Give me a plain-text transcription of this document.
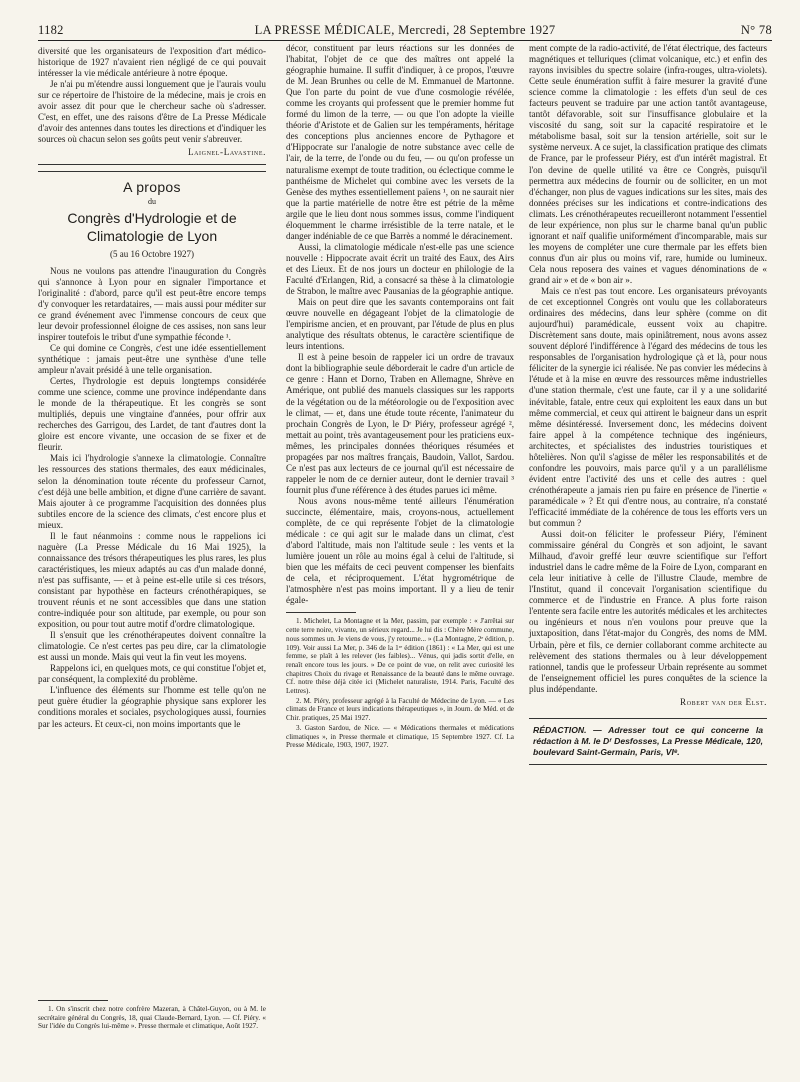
1182	LA PRESSE MÉDICALE, Mercredi, 28 Septembre 1927	N° 78

diversité que les organisateurs de l'exposition d'art médico-historique de 1927 n'avaient rien négligé de ce qui pouvait intéresser la vie médicale antérieure à notre époque.

Je n'ai pu m'étendre aussi longuement que je l'aurais voulu sur ce répertoire de l'histoire de la médecine, mais je crois en avoir assez dit pour que le chercheur sache où s'adresser. C'est, en effet, une des raisons d'être de La Presse Médicale d'avoir des antennes dans toutes les directions et d'indiquer les sources où chacun selon ses goûts peut venir s'abreuver.

Laignel-Lavastine.

A propos
du
Congrès d'Hydrologie et de Climatologie de Lyon
(5 au 16 Octobre 1927)

Nous ne voulons pas attendre l'inauguration du Congrès qui s'annonce à Lyon pour en signaler l'importance et l'originalité : d'abord, parce qu'il est peut-être encore temps d'y convoquer les retardataires, — mais aussi pour méditer sur ce grand événement avec l'immense concours de ceux que leur devoir professionnel éloigne de ces assises, non sans leur inspirer toutefois le tribut d'une sympathie féconde ¹.

Ce qui domine ce Congrès, c'est une idée essentiellement synthétique : jamais peut-être une synthèse d'une telle ampleur n'avait présidé à une telle organisation.

Certes, l'hydrologie est depuis longtemps considérée comme une science, comme une province indépendante dans le monde de la thérapeutique. Et les congrès se sont multipliés, depuis une vingtaine d'années, pour offrir aux recherches des Garrigou, des Lardet, de tant d'autres dont la gloire est encore vivante, une occasion de se fixer et de fleurir.

Mais ici l'hydrologie s'annexe la climatologie. Connaître les ressources des stations thermales, des eaux médicinales, selon la dénomination toute récente du professeur Carnot, c'est déjà une belle ambition, et digne d'une carrière de savant. Mais ajouter à ce programme l'acquisition des données plus subtiles encore de la science des climats, c'est encore plus et mieux.

Il le faut néanmoins : comme nous le rappelions ici naguère (La Presse Médicale du 16 Mai 1925), la connaissance des trésors thérapeutiques les plus rares, les plus caractéristiques, les mieux adaptés au cas d'un malade donné, n'est pas suffisante, — et à peine est-elle utile si ces trésors, consistant par hypothèse en facteurs crénothérapiques, se trouvent réunis et ne sont accessibles que dans une station contre-indiquée pour son altitude, par exemple, ou pour son exposition, ou pour tout autre motif d'ordre climatologique.

Il s'ensuit que les crénothérapeutes doivent connaître la climatologie. Ce n'est certes pas peu dire, car la climatologie est aussi un monde. Mais qui veut la fin veut les moyens.

Rappelons ici, en quelques mots, ce qui constitue l'objet et, par conséquent, la complexité du problème.

L'influence des éléments sur l'homme est telle qu'on ne peut guère étudier la géographie physique sans explorer les conditions morales et sociales, psychologiques aussi, fournies par les acteurs. Et ceux-ci, non moins importants que le

1. On s'inscrit chez notre confrère Mazeran, à Châtel-Guyon, ou à M. le secrétaire général du Congrès, 18, quai Claude-Bernard, Lyon. — Cf. Piéry. « Sur l'idée du Congrès lui-même ». Presse thermale et climatique, Août 1927.

décor, constituent par leurs réactions sur les données de l'habitat, l'objet de ce que des maîtres ont appelé la géographie humaine. Il suffit d'indiquer, à ce propos, l'œuvre de M. Jean Brunhes ou celle de M. Emmanuel de Martonne. Que l'on parte du point de vue d'une cosmologie révélée, comme les croyants qui professent que le premier homme fut formé du limon de la terre, — ou que l'on adopte la vieille théorie d'Aristote et de Galien sur les tempéraments, héritage des conceptions plus anciennes encore de Pythagore et d'Hippocrate sur l'analogie de notre substance avec celle de l'air, de la terre, de l'onde ou du feu, — ou qu'on professe un naturalisme exempt de toute tradition, ou éclectique comme le panthéisme de Michelet qui combine avec les versets de la Genèse des mythes essentiellement païens ¹, on ne saurait nier que la partie matérielle de notre être est pétrie de la même argile que le lieu dont nous sommes issus, comme l'indiquent éloquemment le charme irrésistible de la terre natale, et le danger indéniable de ce que Barrès a nommé le déracinement.

Aussi, la climatologie médicale n'est-elle pas une science nouvelle : Hippocrate avait écrit un traité des Eaux, des Airs et des Lieux. Et de nos jours un docteur en philologie de la Faculté d'Erlangen, Rid, a consacré sa thèse à la climatologie de Strabon, le maître avec Pausanias de la géographie antique.

Mais on peut dire que les savants contemporains ont fait œuvre nouvelle en dégageant l'objet de la climatologie de l'empirisme ancien, et en prouvant, par l'étude de plus en plus analytique des résultats obtenus, le caractère scientifique de leurs intentions.

Il est à peine besoin de rappeler ici un ordre de travaux dont la bibliographie seule déborderait le cadre d'un article de ce genre : Hann et Dorno, Traben en Allemagne, Shrève en Amérique, ont publié des manuels classiques sur les rapports de la végétation ou de la météorologie ou de l'exposition avec le climat, — et, dans une étude toute récente, l'animateur du prochain Congrès de Lyon, le Dʳ Piéry, professeur agrégé ², mettait au point, très avantageusement pour les praticiens eux-mêmes, les principales données théoriques résumées et propagées par nos maîtres français, Baudoin, Vallot, Sardou. Ce n'est pas aux lecteurs de ce journal qu'il est nécessaire de rappeler le nom de ce dernier auteur, dont le dernier travail ³ fournit plus d'une référence à des études parues ici même.

Nous avons nous-même tenté ailleurs l'énumération succincte, élémentaire, mais, croyons-nous, actuellement complète, de ce qui représente l'objet de la climatologie médicale : ce qui agit sur le malade dans un climat, c'est d'abord l'altitude, mais non l'altitude seule : les vents et la lumière jouent un rôle au moins égal à celui de l'altitude, si bien que les méfaits de ceci peuvent compenser les bienfaits de cela, et réciproquement. L'état hygrométrique de l'atmosphère n'est pas moins important. Il y a lieu de tenir égale-

1. Michelet, La Montagne et la Mer, passim, par exemple : « J'arrêtai sur cette terre noire, vivante, un sérieux regard... Je lui dis : Chère Mère commune, nous sommes un. Je viens de vous, j'y retourne... » (La Montagne, 2ᵉ édition, p. 109). Voir aussi La Mer, p. 346 de la 1ʳᵉ édition (1861) : « La Mer, qui est une femme, se plaît à les relever (les faibles)... Vénus, qui jadis sortit d'elle, en renaît encore tous les jours. » De ce point de vue, on relit avec curiosité les chapitres Choix du rivage et Renaissance de la beauté dans le même ouvrage. Cf. notre thèse déjà citée ici (Michelet naturaliste, 1914. Paris, Faculté des Lettres).

2. M. Piéry, professeur agrégé à la Faculté de Médecine de Lyon. — « Les climats de France et leurs indications thérapeutiques », in Journ. de Méd. et de Chir. pratiques, 25 Mai 1927.

3. Gaston Sardou, de Nice. — « Médications thermales et médications climatiques », in Presse thermale et climatique, 15 Septembre 1927. Cf. La Presse Médicale, 1903, 1907, 1927.

ment compte de la radio-activité, de l'état électrique, des facteurs magnétiques et telluriques (climat volcanique, etc.) et enfin des rayons invisibles du spectre solaire (infra-rouges, ultra-violets). Cette seule énumération suffit à faire mesurer la gravité d'une science comme la climatologie : les effets d'un seul de ces facteurs peuvent se traduire par une action tantôt avantageuse, tantôt défavorable, soit sur l'insuffisance globulaire et la viscosité du sang, soit sur la capacité respiratoire et le métabolisme basal, soit sur la tension artérielle, soit sur le système nerveux. A ce sujet, la classification pratique des climats de France, par le professeur Piéry, est d'un intérêt magistral. Et l'on devine de quelle utilité va être ce Congrès, puisqu'il permettra aux médecins de fournir ou de solliciter, en un mot d'échanger, non plus de vagues indications sur les sites, mais des données précises sur les indications et contre-indications des climats. Les crénothérapeutes recueilleront notamment l'essentiel de leur expérience, non plus sur le charme banal qu'un public ignorant et naïf qualifie uniformément d'incomparable, mais sur les moyens de compléter une cure thermale par les effets bien connus d'un air plus ou moins vif, rare, humide ou lumineux. Cela nous reposera des vaines et vagues dénominations de « grand air » et de « bon air ».

Mais ce n'est pas tout encore. Les organisateurs prévoyants de cet exceptionnel Congrès ont voulu que les collaborateurs ordinaires des médecins, dans leur sphère (comme on dit aujourd'hui) paramédicale, eussent voix au chapitre. Discrètement sans doute, mais opiniâtrement, nous avons assez souvent déploré l'indifférence à l'égard des médecins de tous les responsables de l'organisation hydrologique çà et là, pour nous féliciter de la synergie ici réalisée. Ne pas convier les médecins à l'étude et à la mise en œuvre des ressources même industrielles d'une station thermale, c'est une faute, car il y a une solidarité inévitable, fatale, entre ceux qui exploitent les eaux dans un but même commercial, et ceux qui attirent le baigneur dans un esprit même désintéressé. Inversement donc, les médecins doivent faire appel à la compétence technique des ingénieurs, architectes, et spécialistes des industries touristiques et hôtelières. Non qu'il s'agisse de mêler les responsabilités et de confondre les pouvoirs, mais parce qu'il y a un parallélisme évident entre l'activité des uns et celle des autres : quel crénothérapeute a jamais rien pu faire en présence de l'inertie « paramédicale » ? Et qui d'entre nous, au contraire, n'a constaté l'efficacité immédiate de la cohérence de tous les efforts vers un but commun ?

Aussi doit-on féliciter le professeur Piéry, l'éminent commissaire général du Congrès et son adjoint, le savant Milhaud, d'avoir greffé leur œuvre scientifique sur l'effort industriel dans le cadre même de la Foire de Lyon, comparant en cela leur initiative à celle de l'illustre Claude, membre de l'Institut, quand il concevait l'organisation scientifique du commerce et de l'industrie en France. A plus forte raison l'entente sera facile entre les autorités médicales et les architectes ou ingénieurs et nous n'en voulons pour preuve que la juxtaposition, dans l'état-major du Congrès, des noms de MM. Urbain, père et fils, ce dernier collaborant comme architecte au relèvement des stations thermales ou à leur développement rationnel, tandis que le professeur Urbain représente au sommet de l'enseignement officiel les pures conquêtes de la science la plus indépendante.

Robert van der Elst.

RÉDACTION. — Adresser tout ce qui concerne la rédaction à M. le Dʳ Desfosses, La Presse Médicale, 120, boulevard Saint-Germain, Paris, VIᵉ.
